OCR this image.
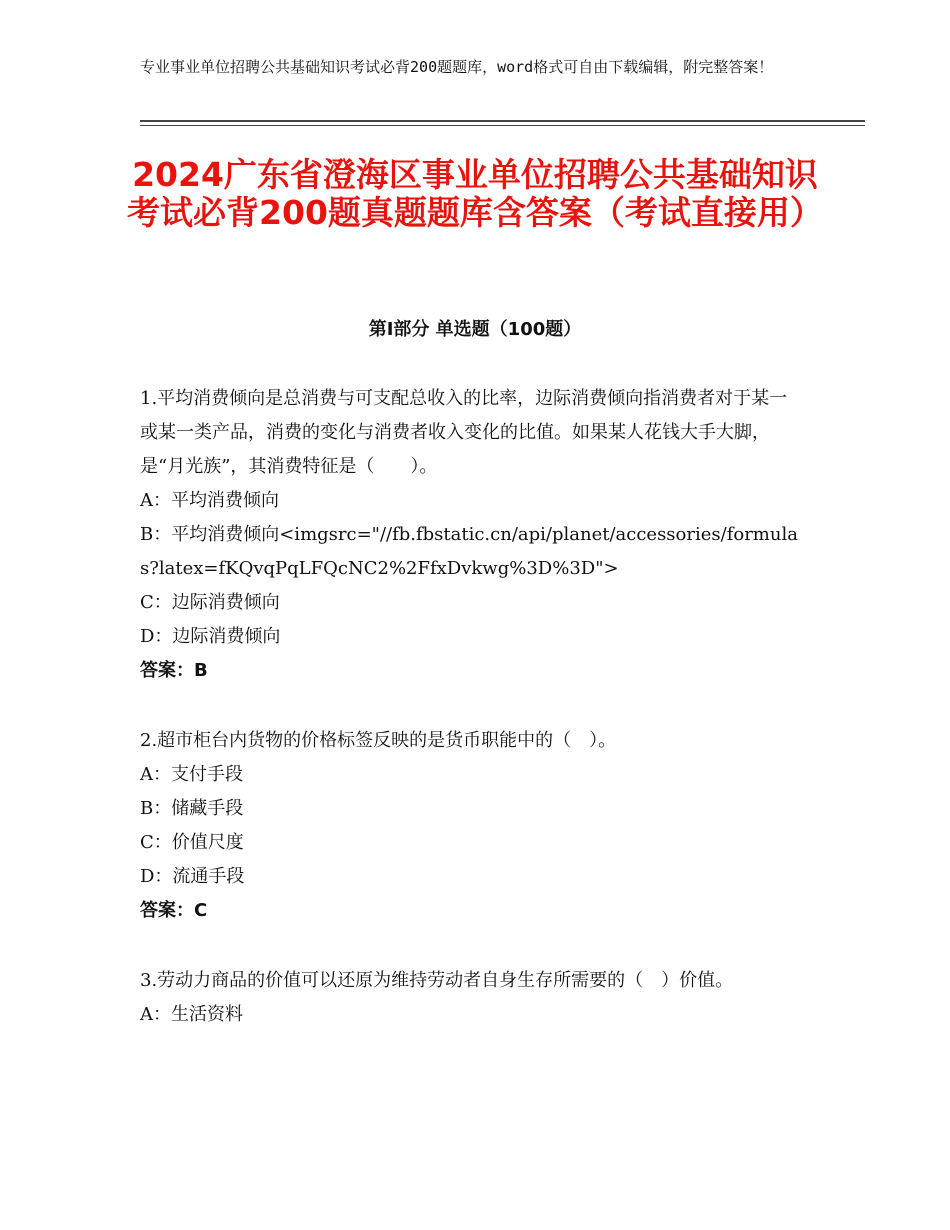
专业事业单位招聘公共基础知识考试必背200题题库，word格式可自由下载编辑，附完整答案！
2024广东省澄海区事业单位招聘公共基础知识考试必背200题真题题库含答案（考试直接用）
第Ⅰ部分 单选题（100题）
1.平均消费倾向是总消费与可支配总收入的比率，边际消费倾向指消费者对于某一或某一类产品，消费的变化与消费者收入变化的比值。如果某人花钱大手大脚，是“月光族”，其消费特征是（　　）。
A：平均消费倾向
B：平均消费倾向<imgsrc="//fb.fbstatic.cn/api/planet/accessories/formulas?latex=fKQvqPqLFQcNC2%2FfxDvkwg%3D%3D">
C：边际消费倾向
D：边际消费倾向
答案：B
2.超市柜台内货物的价格标签反映的是货币职能中的（　）。
A：支付手段
B：储藏手段
C：价值尺度
D：流通手段
答案：C
3.劳动力商品的价值可以还原为维持劳动者自身生存所需要的（　）价值。
A：生活资料
